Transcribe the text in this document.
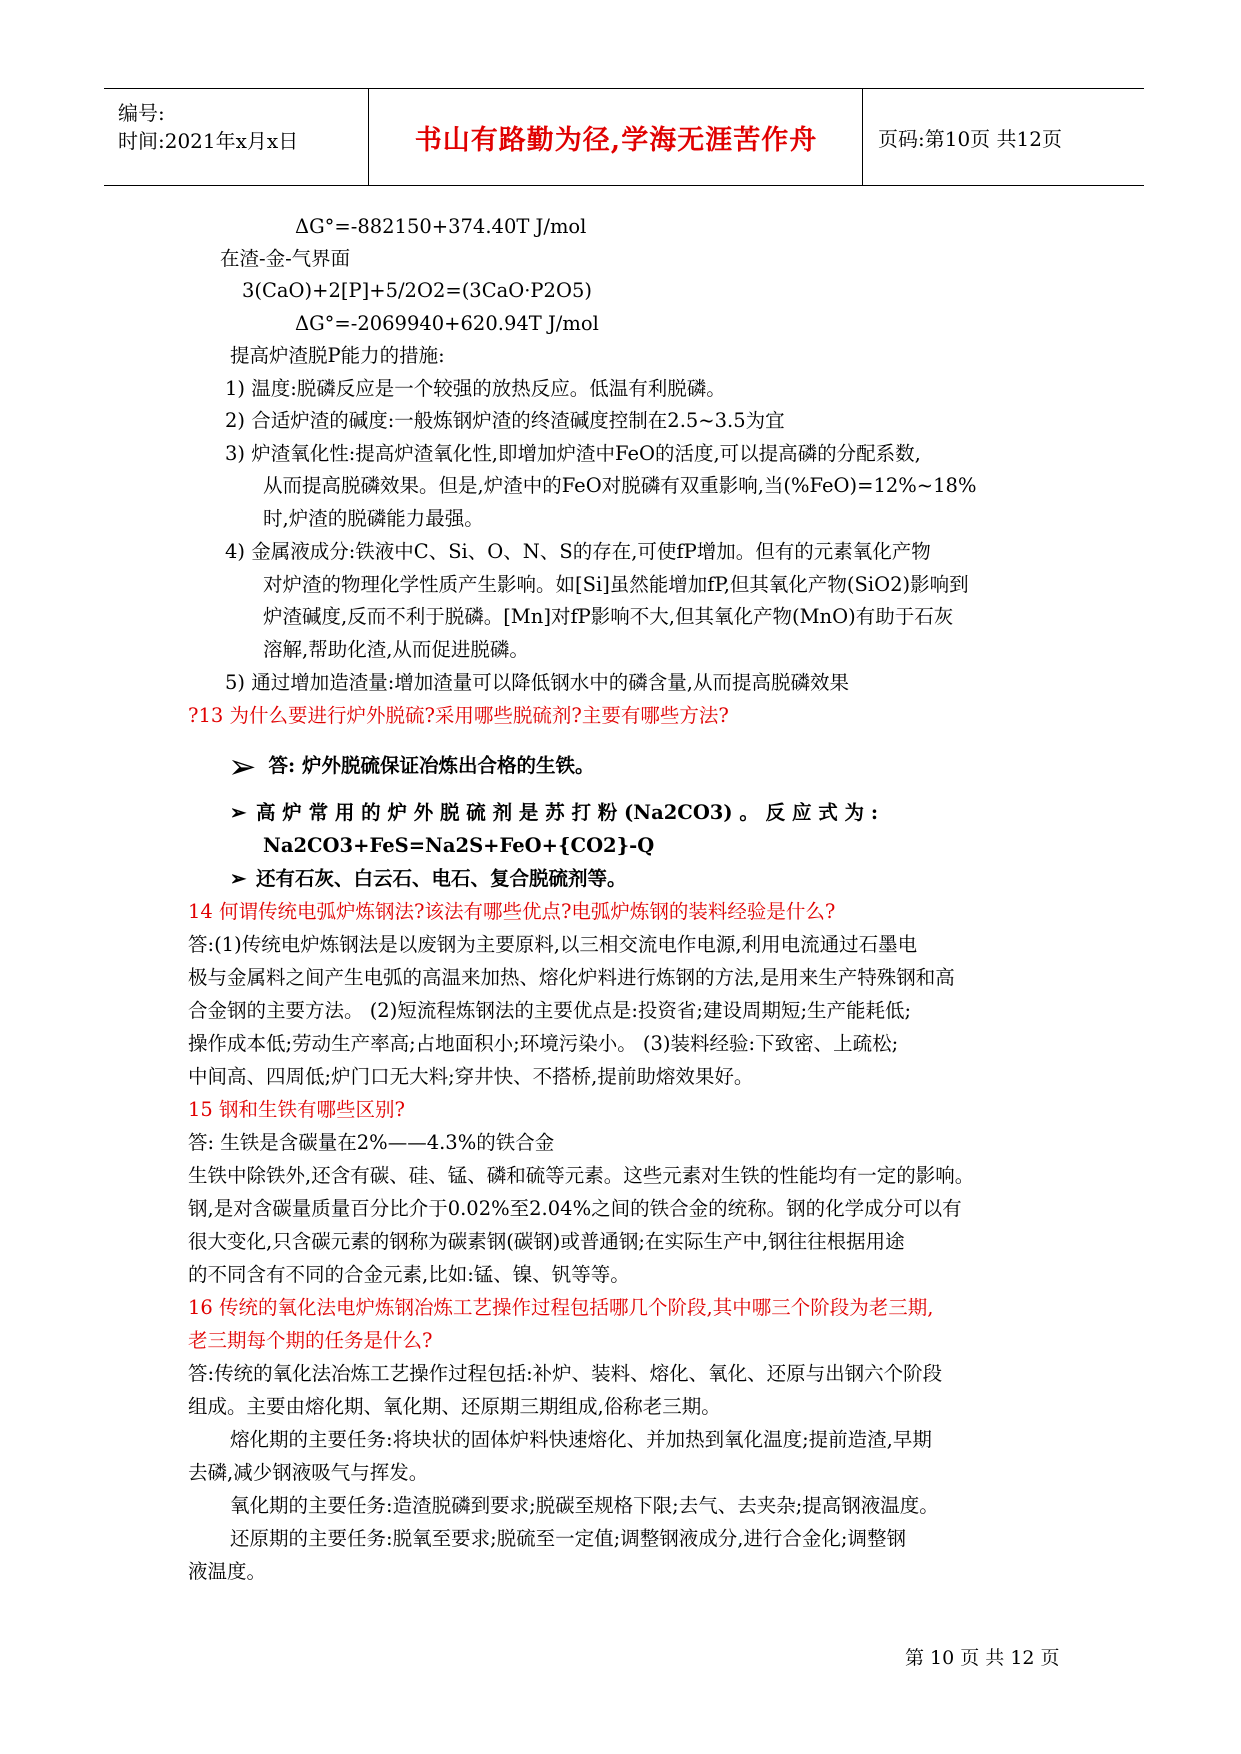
编号:
时间:2021年x月x日	书山有路勤为径,学海无涯苦作舟	页码:第10页 共12页
ΔG°=-882150+374.40T J/mol
在渣-金-气界面
3(CaO)+2[P]+5/2O2=(3CaO·P2O5)
ΔG°=-2069940+620.94T J/mol
提高炉渣脱P能力的措施:
1) 温度:脱磷反应是一个较强的放热反应。低温有利脱磷。
2) 合适炉渣的碱度:一般炼钢炉渣的终渣碱度控制在2.5~3.5为宜
3) 炉渣氧化性:提高炉渣氧化性,即增加炉渣中FeO的活度,可以提高磷的分配系数,
从而提高脱磷效果。但是,炉渣中的FeO对脱磷有双重影响,当(%FeO)=12%~18%
时,炉渣的脱磷能力最强。
4) 金属液成分:铁液中C、Si、O、N、S的存在,可使fP增加。但有的元素氧化产物
对炉渣的物理化学性质产生影响。如[Si]虽然能增加fP,但其氧化产物(SiO2)影响到
炉渣碱度,反而不利于脱磷。[Mn]对fP影响不大,但其氧化产物(MnO)有助于石灰
溶解,帮助化渣,从而促进脱磷。
5) 通过增加造渣量:增加渣量可以降低钢水中的磷含量,从而提高脱磷效果
?13 为什么要进行炉外脱硫?采用哪些脱硫剂?主要有哪些方法?
➢ 答: 炉外脱硫保证冶炼出合格的生铁。
➢ 高 炉 常 用 的 炉 外 脱 硫 剂 是 苏 打 粉 (Na2CO3) 。 反 应 式 为 :
Na2CO3+FeS=Na2S+FeO+{CO2}-Q
➢ 还有石灰、白云石、电石、复合脱硫剂等。
14 何谓传统电弧炉炼钢法?该法有哪些优点?电弧炉炼钢的装料经验是什么?
答:(1)传统电炉炼钢法是以废钢为主要原料,以三相交流电作电源,利用电流通过石墨电
极与金属料之间产生电弧的高温来加热、熔化炉料进行炼钢的方法,是用来生产特殊钢和高
合金钢的主要方法。 (2)短流程炼钢法的主要优点是:投资省;建设周期短;生产能耗低;
操作成本低;劳动生产率高;占地面积小;环境污染小。 (3)装料经验:下致密、上疏松;
中间高、四周低;炉门口无大料;穿井快、不搭桥,提前助熔效果好。
15 钢和生铁有哪些区别?
答: 生铁是含碳量在2%——4.3%的铁合金
生铁中除铁外,还含有碳、硅、锰、磷和硫等元素。这些元素对生铁的性能均有一定的影响。
钢,是对含碳量质量百分比介于0.02%至2.04%之间的铁合金的统称。钢的化学成分可以有
很大变化,只含碳元素的钢称为碳素钢(碳钢)或普通钢;在实际生产中,钢往往根据用途
的不同含有不同的合金元素,比如:锰、镍、钒等等。
16 传统的氧化法电炉炼钢冶炼工艺操作过程包括哪几个阶段,其中哪三个阶段为老三期,
老三期每个期的任务是什么?
答:传统的氧化法冶炼工艺操作过程包括:补炉、装料、熔化、氧化、还原与出钢六个阶段
组成。主要由熔化期、氧化期、还原期三期组成,俗称老三期。
熔化期的主要任务:将块状的固体炉料快速熔化、并加热到氧化温度;提前造渣,早期
去磷,减少钢液吸气与挥发。
氧化期的主要任务:造渣脱磷到要求;脱碳至规格下限;去气、去夹杂;提高钢液温度。
还原期的主要任务:脱氧至要求;脱硫至一定值;调整钢液成分,进行合金化;调整钢
液温度。
第 10 页 共 12 页
